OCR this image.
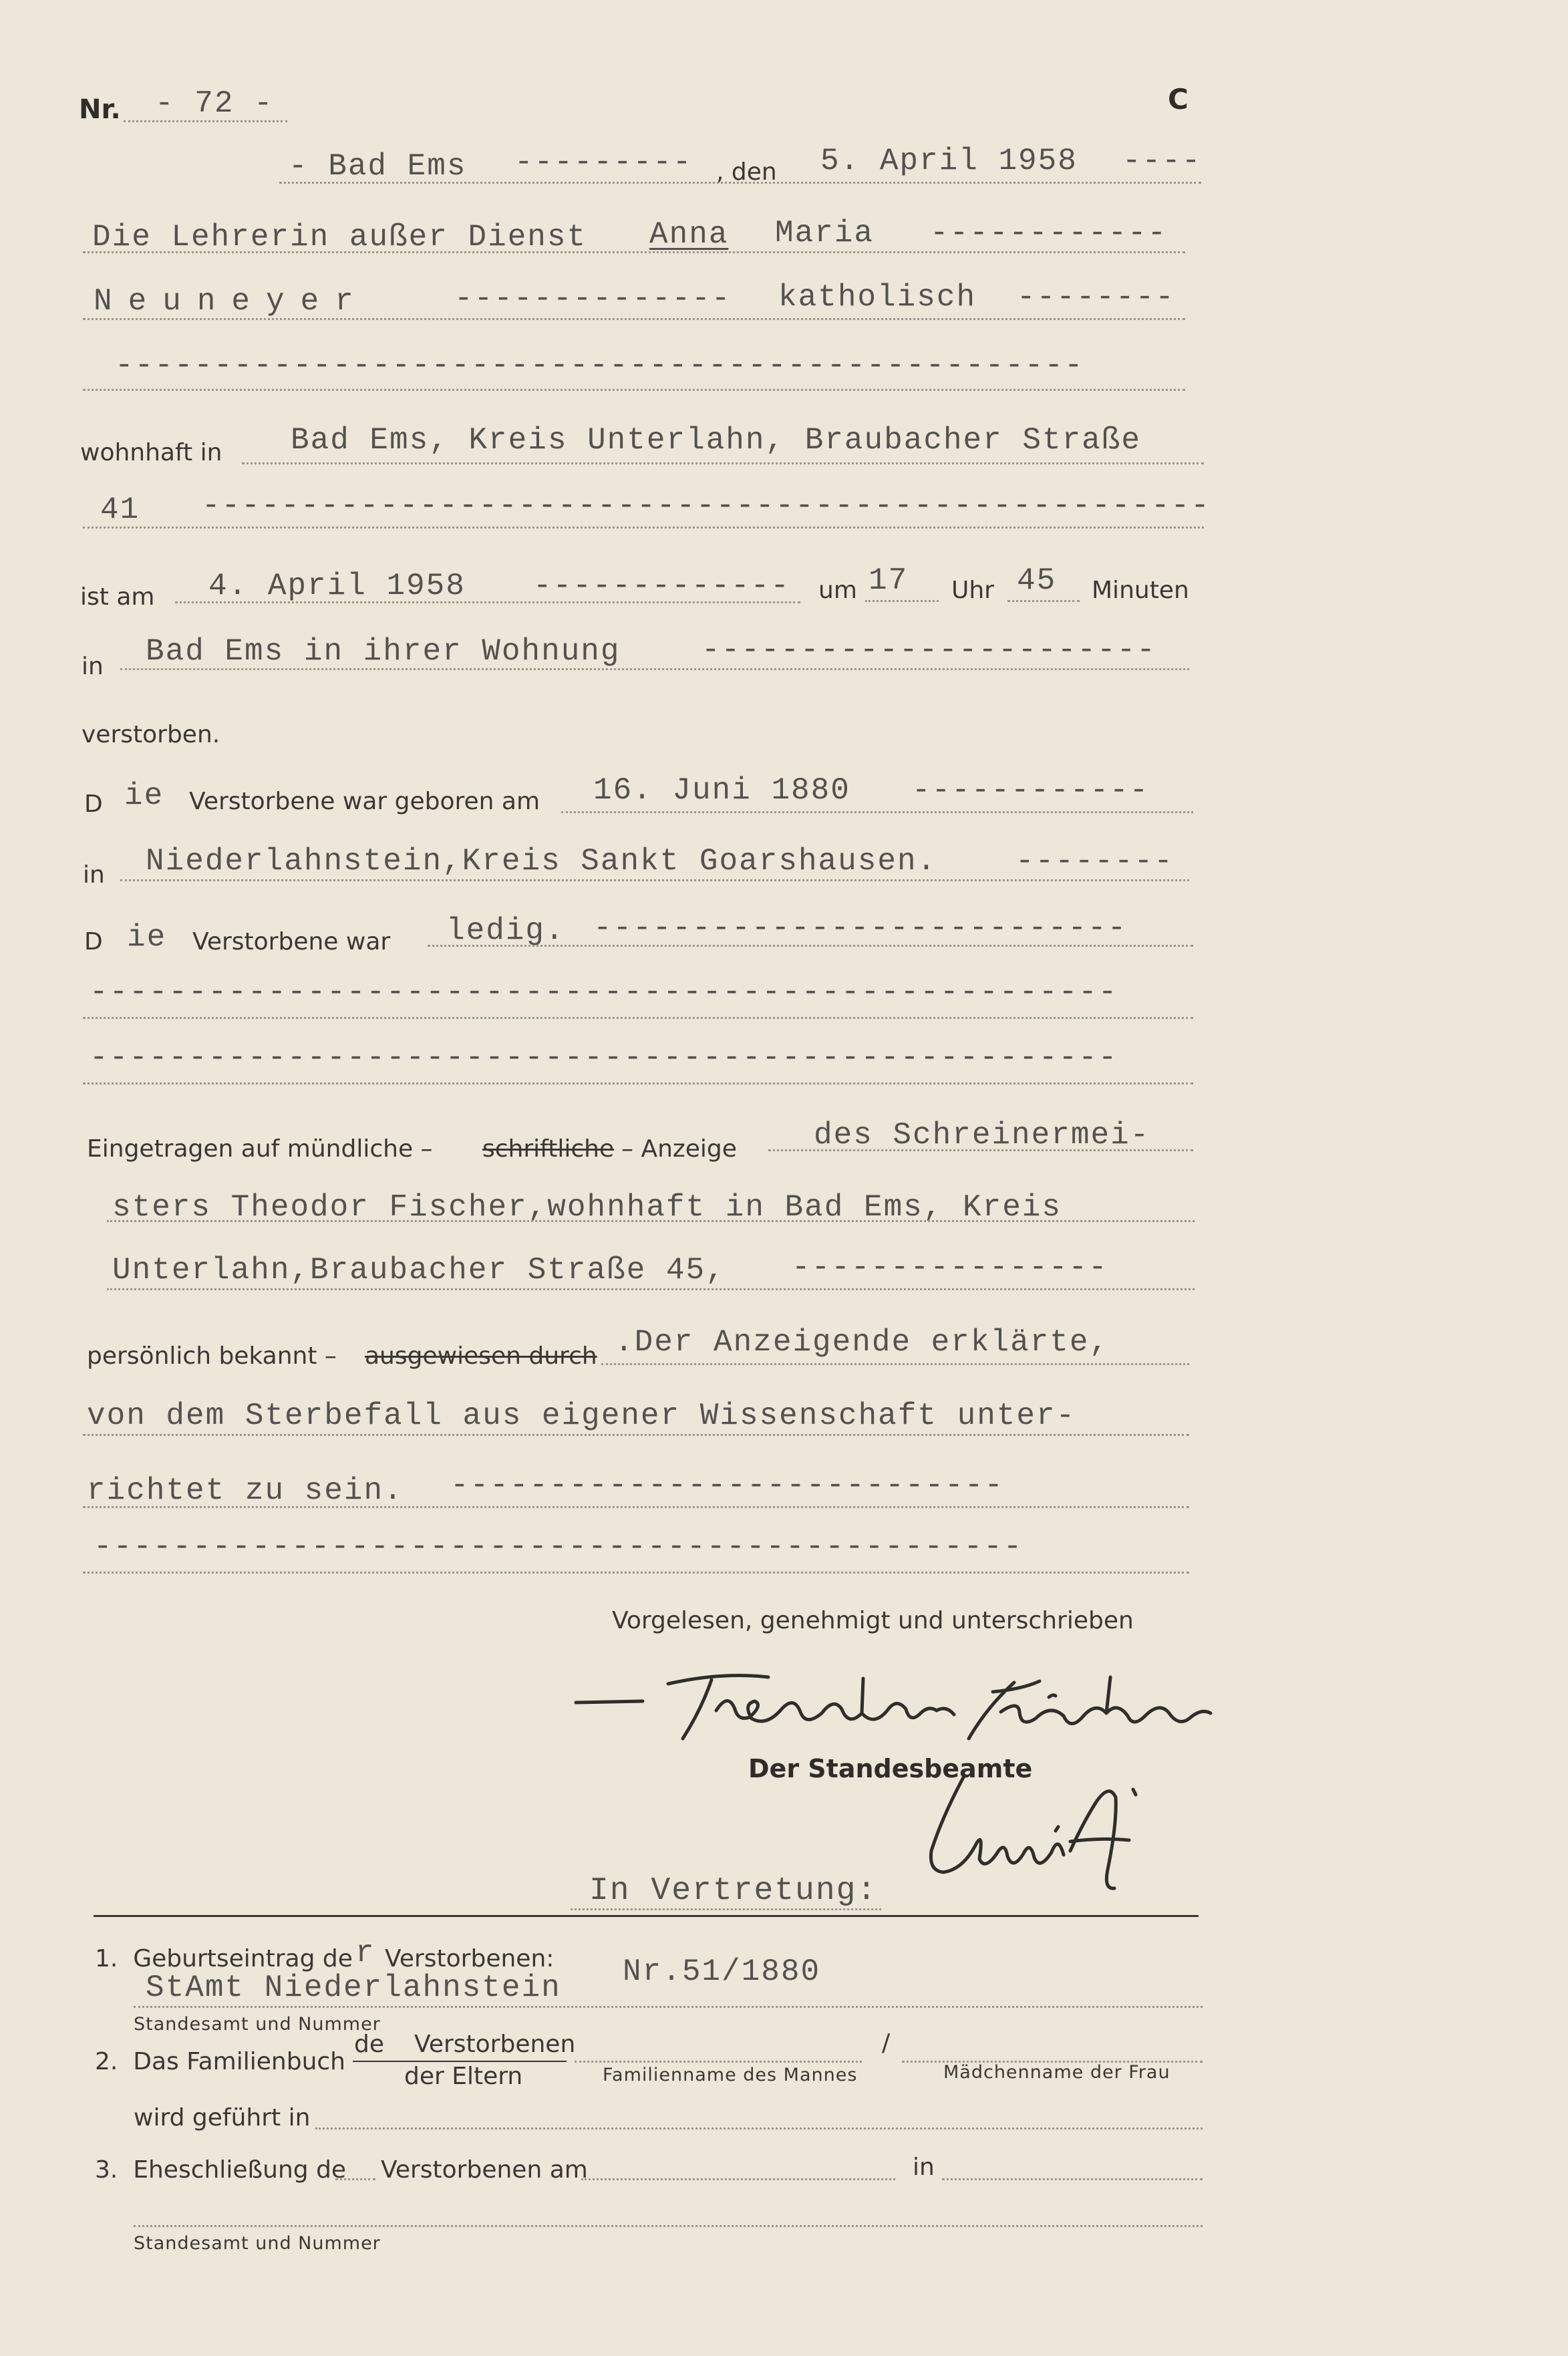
Nr. - 72 -	C
- Bad Ems --------- , den 5. April 1958 ----
Die Lehrerin außer Dienst Anna Maria ------------
Neuneyer	-------------- katholisch --------
-------------------------------------------------
wohnhaft in Bad Ems, Kreis Unterlahn, Braubacher Straße
41 ---------------------------------------------------
ist am 4. April 1958 ------------- um 17 Uhr 45 Minuten
in Bad Ems in ihrer Wohnung	-----------------------
verstorben.
D ie Verstorbene war geboren am 16. Juni 1880 ------------
in Niederlahnstein,Kreis Sankt Goarshausen.	--------
D ie Verstorbene war ledig. ---------------------------
----------------------------------------------------
----------------------------------------------------
Eingetragen auf mündliche – schriftliche – Anzeige	des Schreinermei-
sters Theodor Fischer,wohnhaft in Bad Ems, Kreis
Unterlahn,Braubacher Straße 45, ----------------
persönlich bekannt – ausgewiesen durch .Der Anzeigende erklärte,
von dem Sterbefall aus eigener Wissenschaft unter-
richtet zu sein. ----------------------------
-----------------------------------------------
Vorgelesen, genehmigt und unterschrieben
Der Standesbeamte
In Vertretung:
1.  Geburtseintrag de r Verstorbenen:
StAmt Niederlahnstein Nr.51/1880
Standesamt und Nummer
2.  Das Familienbuch
de Verstorbenen
der Eltern
/
Familienname des Mannes	Mädchenname der Frau
wird geführt in
3.  Eheschließung de Verstorbenen am	in
Standesamt und Nummer
